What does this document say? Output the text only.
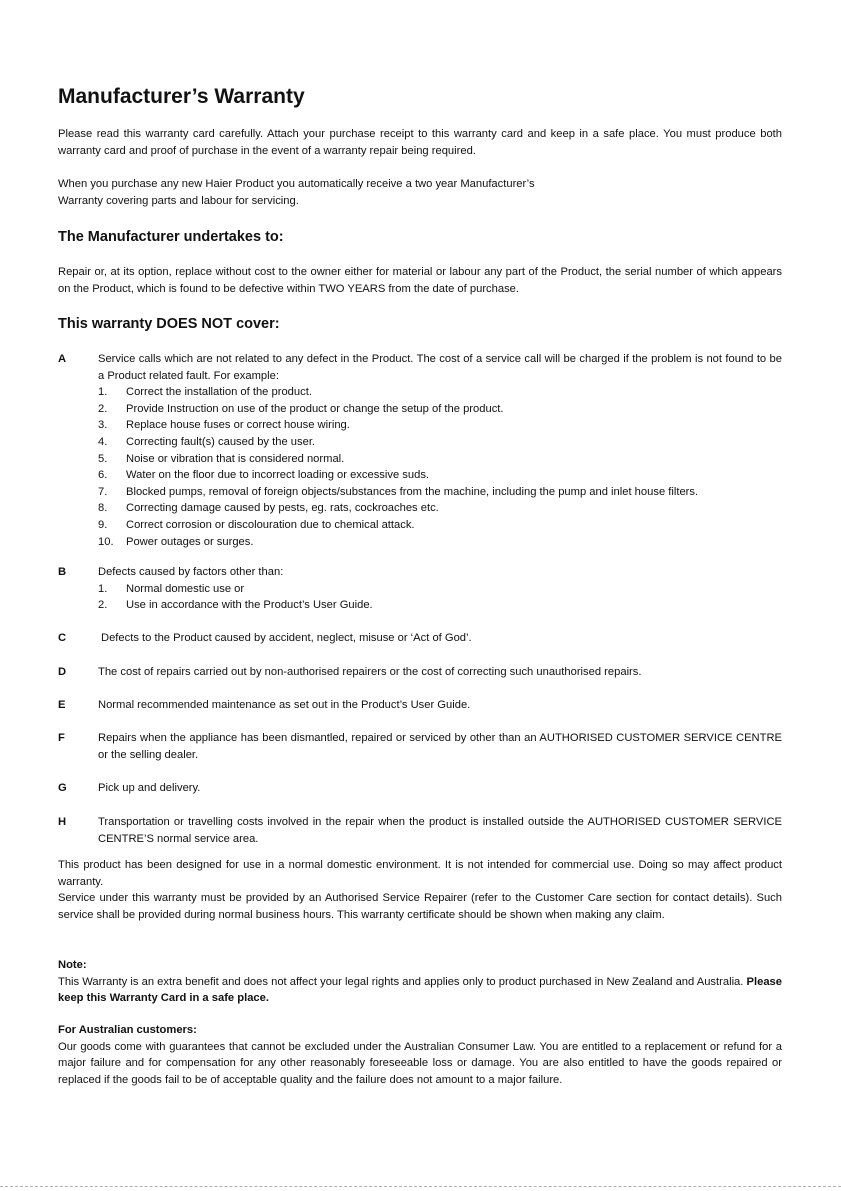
Manufacturer’s Warranty

Please read this warranty card carefully. Attach your purchase receipt to this warranty card and keep in a safe place. You must produce both warranty card and proof of purchase in the event of a warranty repair being required.

When you purchase any new Haier Product you automatically receive a two year Manufacturer’s
Warranty covering parts and labour for servicing.
The Manufacturer undertakes to:

Repair or, at its option, replace without cost to the owner either for material or labour any part of the Product, the serial number of which appears on the Product, which is found to be defective within TWO YEARS from the date of purchase.

This warranty DOES NOT cover:
A	Service calls which are not related to any defect in the Product. The cost of a service call will be charged if the problem is not found to be a Product related fault. For example:

1.	Correct the installation of the product.
2.	Provide Instruction on use of the product or change the setup of the product.
3.	Replace house fuses or correct house wiring.
4.	Correcting fault(s) caused by the user.
5.	Noise or vibration that is considered normal.
6.	Water on the floor due to incorrect loading or excessive suds.
7.	Blocked pumps, removal of foreign objects/substances from the machine, including the pump and inlet house filters.
8.	Correcting damage caused by pests, eg. rats, cockroaches etc.
9.	Correct corrosion or discolouration due to chemical attack.
10.	Power outages or surges.
B	Defects caused by factors other than:

1.	Normal domestic use or
2.	Use in accordance with the Product’s User Guide.
C	Defects to the Product caused by accident, neglect, misuse or ‘Act of God’.

D	The cost of repairs carried out by non-authorised repairers or the cost of correcting such unauthorised repairs.

E	Normal recommended maintenance as set out in the Product’s User Guide.

F	Repairs when the appliance has been dismantled, repaired or serviced by other than an AUTHORISED CUSTOMER SERVICE CENTRE or the selling dealer.

G	Pick up and delivery.

H	Transportation or travelling costs involved in the repair when the product is installed outside the AUTHORISED CUSTOMER SERVICE CENTRE’S normal service area.

This product has been designed for use in a normal domestic environment. It is not intended for commercial use. Doing so may affect product warranty.

Service under this warranty must be provided by an Authorised Service Repairer (refer to the Customer Care section for contact details). Such service shall be provided during normal business hours. This warranty certificate should be shown when making any claim.

Note:

This Warranty is an extra benefit and does not affect your legal rights and applies only to product purchased in New Zealand and Australia. Please keep this Warranty Card in a safe place.

For Australian customers:

Our goods come with guarantees that cannot be excluded under the Australian Consumer Law. You are entitled to a replacement or refund for a major failure and for compensation for any other reasonably foreseeable loss or damage. You are also entitled to have the goods repaired or replaced if the goods fail to be of acceptable quality and the failure does not amount to a major failure.
